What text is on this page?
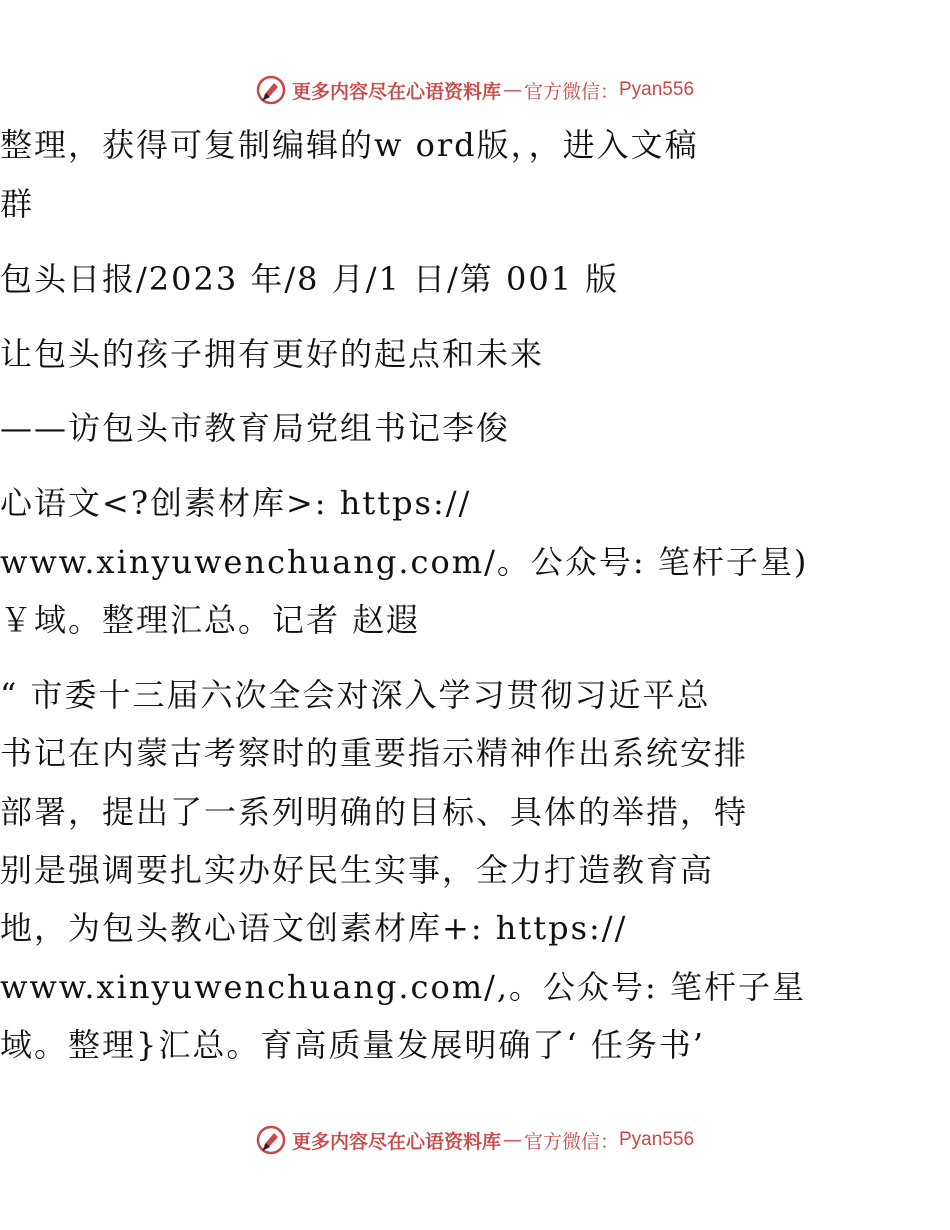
更多内容尽在心语资料库 — 官方微信： Pyan556
整理，获得可复制编辑的w ord版，，进入文稿
群
包头日报/2023 年/8 月/1 日/第 001 版
让包头的孩子拥有更好的起点和未来
——访包头市教育局党组书记李俊
心语文<?创素材库>: https://
www.xinyuwenchuang.com/。公众号: 笔杆子星)
￥域。整理汇总。记者 赵遐
“ 市委十三届六次全会对深入学习贯彻习近平总
书记在内蒙古考察时的重要指示精神作出系统安排
部署，提出了一系列明确的目标、具体的举措，特
别是强调要扎实办好民生实事，全力打造教育高
地，为包头教心语文创素材库+: https://
www.xinyuwenchuang.com/,。公众号: 笔杆子星
域。整理}汇总。育高质量发展明确了‘ 任务书’
更多内容尽在心语资料库 — 官方微信： Pyan556
